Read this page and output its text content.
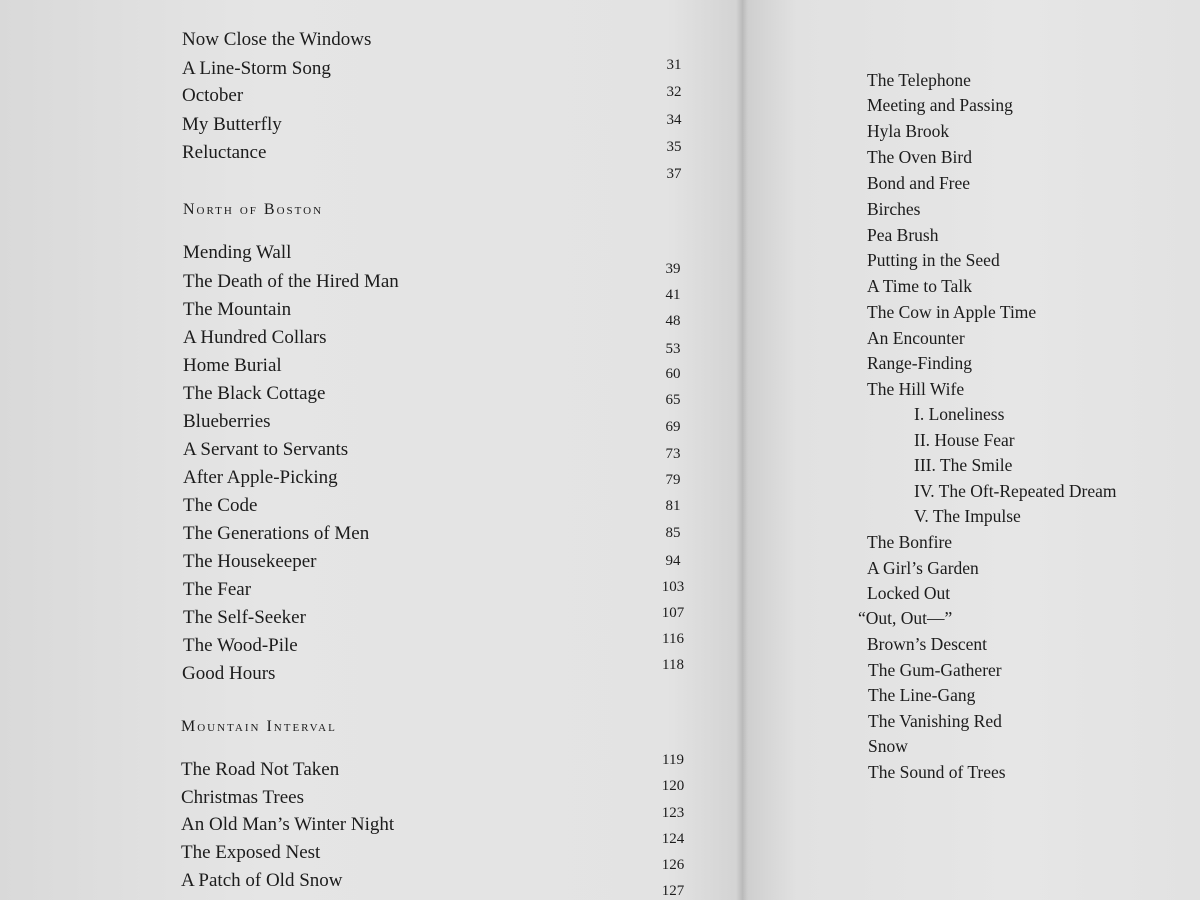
Now Close the Windows
A Line-Storm Song
October
My Butterfly
Reluctance
31
32
34
35
37
North of Boston
Mending Wall
The Death of the Hired Man
The Mountain
A Hundred Collars
Home Burial
The Black Cottage
Blueberries
A Servant to Servants
After Apple-Picking
The Code
The Generations of Men
The Housekeeper
The Fear
The Self-Seeker
The Wood-Pile
Good Hours
39
41
48
53
60
65
69
73
79
81
85
94
103
107
116
118
Mountain Interval
The Road Not Taken
Christmas Trees
An Old Man’s Winter Night
The Exposed Nest
A Patch of Old Snow
119
120
123
124
126
127
The Telephone
Meeting and Passing
Hyla Brook
The Oven Bird
Bond and Free
Birches
Pea Brush
Putting in the Seed
A Time to Talk
The Cow in Apple Time
An Encounter
Range-Finding
The Hill Wife
I. Loneliness
II. House Fear
III. The Smile
IV. The Oft-Repeated Dream
V. The Impulse
The Bonfire
A Girl’s Garden
Locked Out
“Out, Out—”
Brown’s Descent
The Gum-Gatherer
The Line-Gang
The Vanishing Red
Snow
The Sound of Trees
